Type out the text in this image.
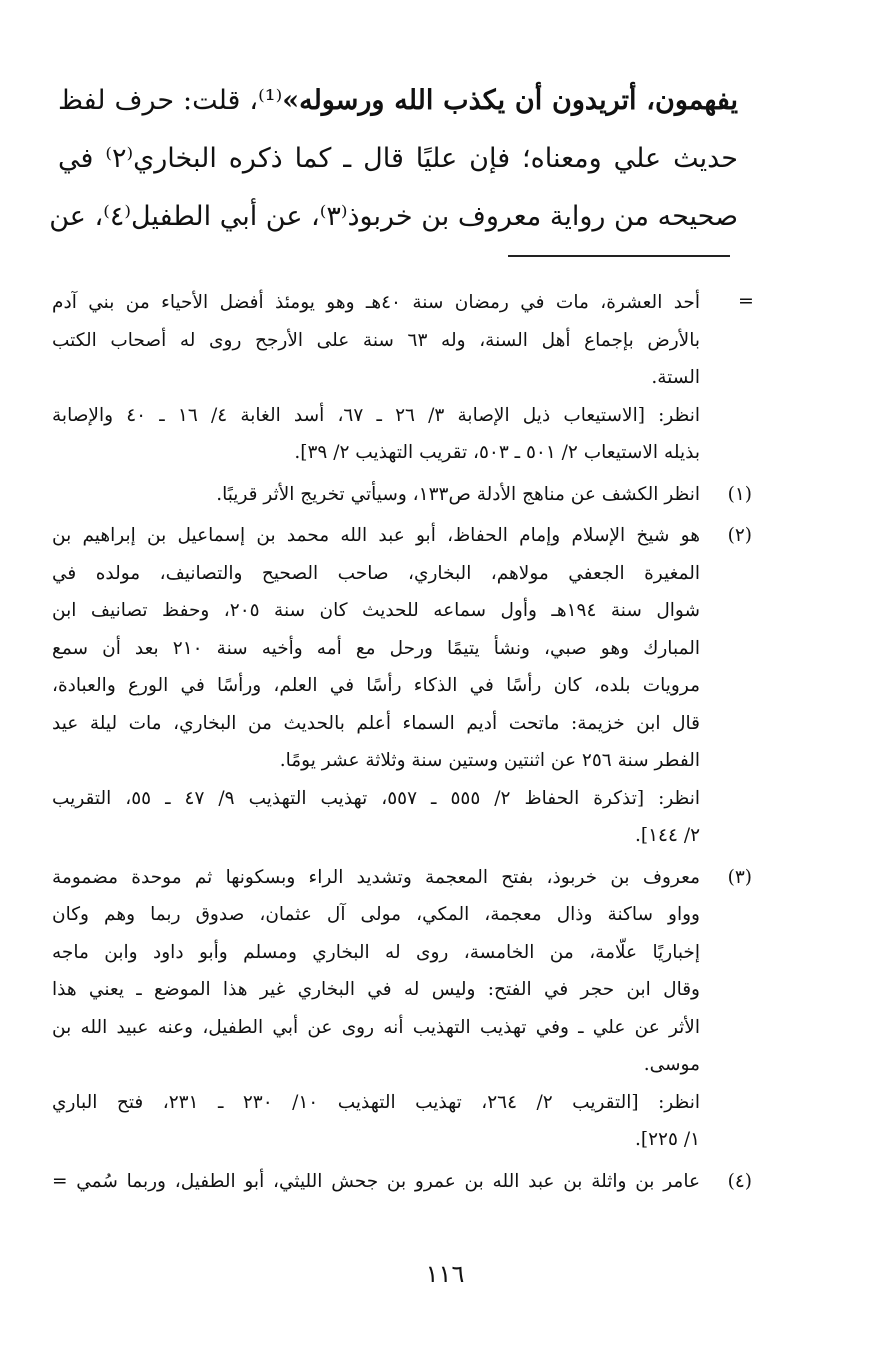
يفهمون، أتريدون أن يكذب الله ورسوله»⁽¹⁾، قلت: حرف لفظ
حديث علي ومعناه؛ فإن عليًا قال ـ كما ذكره البخاري⁽٢⁾ في
صحيحه من رواية معروف بن خربوذ⁽٣⁾، عن أبي الطفيل⁽٤⁾، عن
=
أحد العشرة، مات في رمضان سنة ٤٠هـ وهو يومئذ أفضل الأحياء من بني آدم
بالأرض بإجماع أهل السنة، وله ٦٣ سنة على الأرجح روى له أصحاب الكتب
الستة.
انظر: [الاستيعاب ذيل الإصابة ٣/ ٢٦ ـ ٦٧، أسد الغابة ٤/ ١٦ ـ ٤٠ والإصابة
بذيله الاستيعاب ٢/ ٥٠١ ـ ٥٠٣، تقريب التهذيب ٢/ ٣٩].
(١)
انظر الكشف عن مناهج الأدلة ص١٣٣، وسيأتي تخريج الأثر قريبًا.
(٢)
هو شيخ الإسلام وإمام الحفاظ، أبو عبد الله محمد بن إسماعيل بن إبراهيم بن
المغيرة الجعفي مولاهم، البخاري، صاحب الصحيح والتصانيف، مولده في
شوال سنة ١٩٤هـ وأول سماعه للحديث كان سنة ٢٠٥، وحفظ تصانيف ابن
المبارك وهو صبي، ونشأ يتيمًا ورحل مع أمه وأخيه سنة ٢١٠ بعد أن سمع
مرويات بلده، كان رأسًا في الذكاء رأسًا في العلم، ورأسًا في الورع والعبادة،
قال ابن خزيمة: ماتحت أديم السماء أعلم بالحديث من البخاري، مات ليلة عيد
الفطر سنة ٢٥٦ عن اثنتين وستين سنة وثلاثة عشر يومًا.
انظر: [تذكرة الحفاظ ٢/ ٥٥٥ ـ ٥٥٧، تهذيب التهذيب ٩/ ٤٧ ـ ٥٥، التقريب
٢/ ١٤٤].
(٣)
معروف بن خربوذ، بفتح المعجمة وتشديد الراء وبسكونها ثم موحدة مضمومة
وواو ساكنة وذال معجمة، المكي، مولى آل عثمان، صدوق ربما وهم وكان
إخباريًا علّامة، من الخامسة، روى له البخاري ومسلم وأبو داود وابن ماجه
وقال ابن حجر في الفتح: وليس له في البخاري غير هذا الموضع ـ يعني هذا
الأثر عن علي ـ وفي تهذيب التهذيب أنه روى عن أبي الطفيل، وعنه عبيد الله بن
موسى.
انظر: [التقريب ٢/ ٢٦٤، تهذيب التهذيب ١٠/ ٢٣٠ ـ ٢٣١، فتح الباري
١/ ٢٢٥].
(٤)
عامر بن واثلة بن عبد الله بن عمرو بن جحش الليثي، أبو الطفيل، وربما سُمي =
١١٦
